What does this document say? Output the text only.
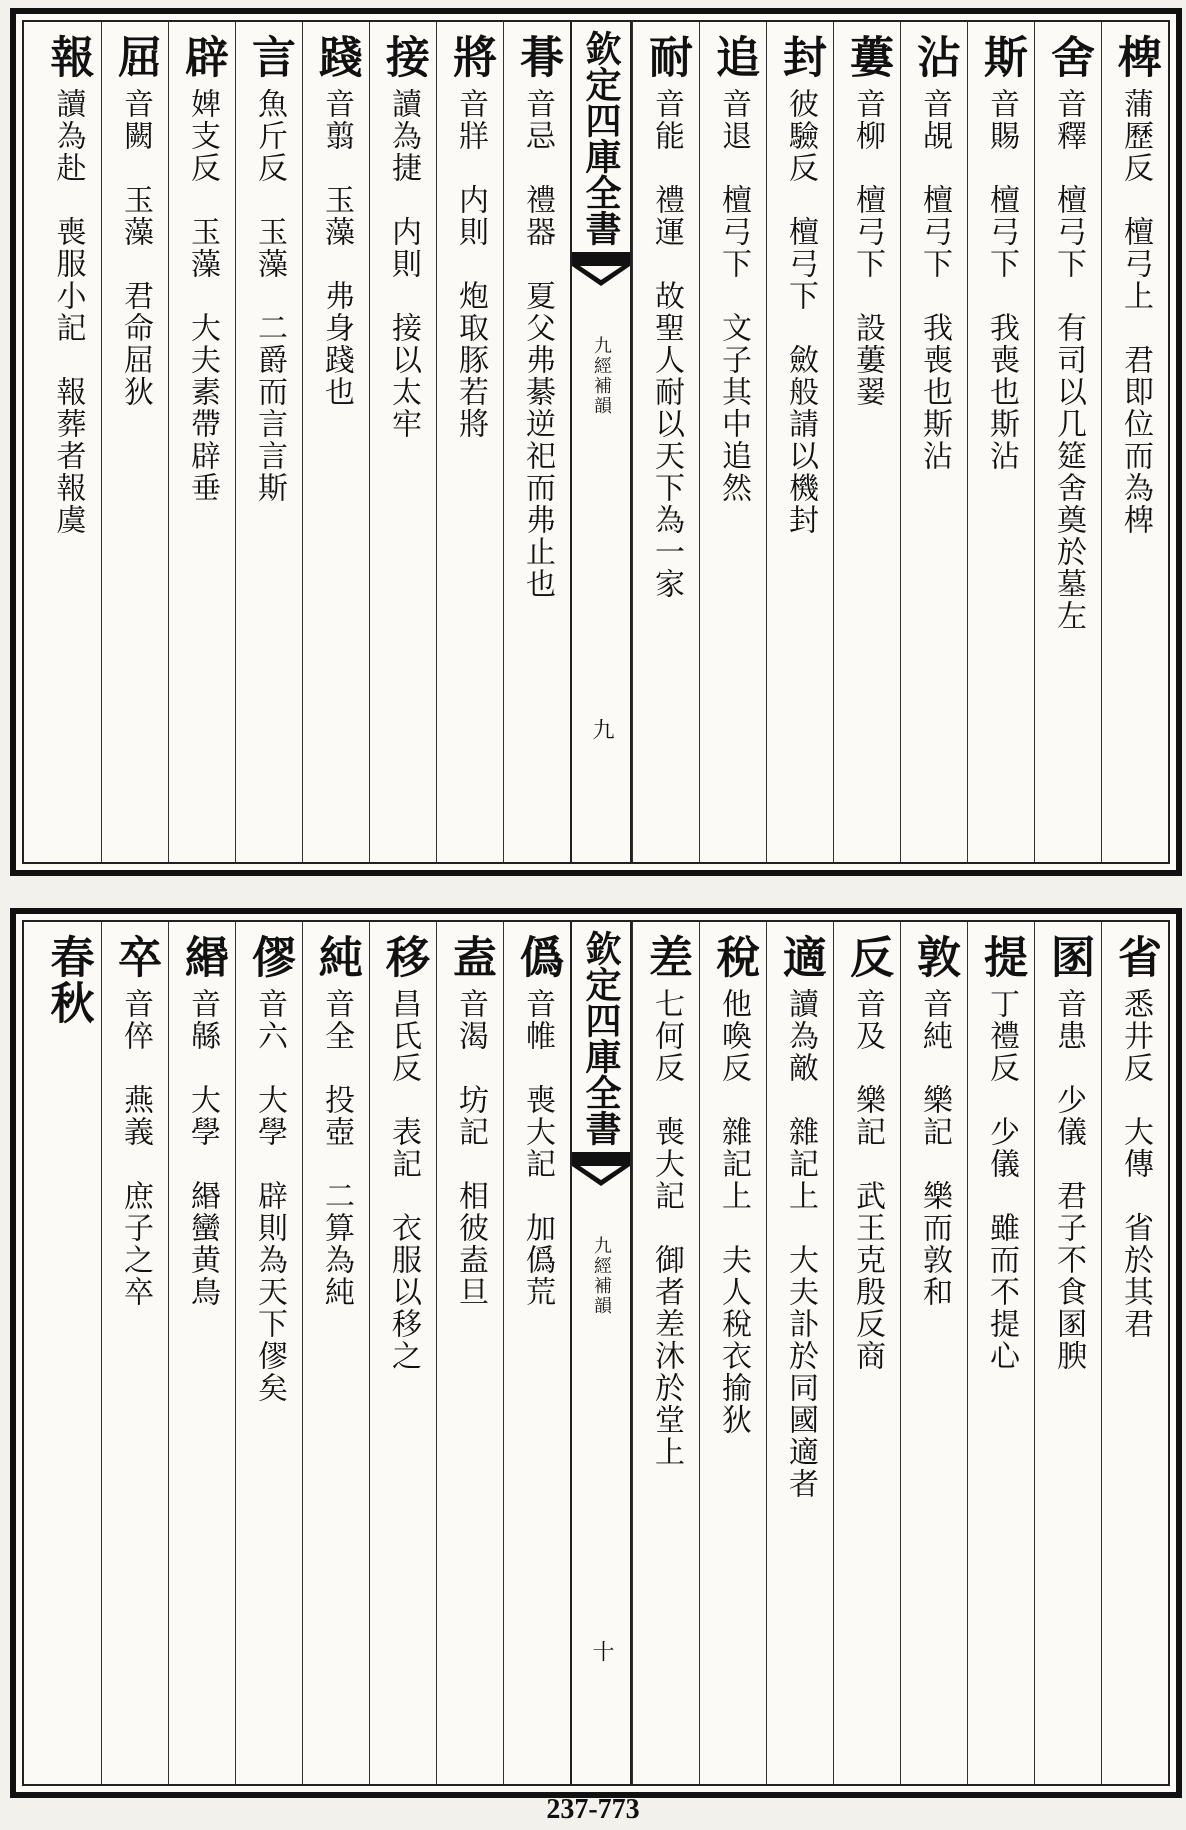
椑
蒲歷反　檀弓上　君即位而為椑
舍
音釋　檀弓下　有司以几筵舍奠於墓左
斯
音賜　檀弓下　我喪也斯沾
沾
音覘　檀弓下　我喪也斯沾
蔞
音柳　檀弓下　設蔞翣
封
彼驗反　檀弓下　斂般請以機封
追
音退　檀弓下　文子其中追然
耐
音能　禮運　故聖人耐以天下為一家
欽定四庫全書
九經補韻
九
朞
音忌　禮器　夏父弗綦逆祀而弗止也
將
音牂　内則　炮取豚若將
接
讀為捷　内則　接以太牢
踐
音翦　玉藻　弗身踐也
言
魚斤反　玉藻　二爵而言言斯
辟
婢支反　玉藻　大夫素帶辟垂
屈
音闕　玉藻　君命屈狄
報
讀為赴　喪服小記　報葬者報虞
省
悉井反　大傳　省於其君
圂
音患　少儀　君子不食圂腴
提
丁禮反　少儀　雖而不提心
敦
音純　樂記　樂而敦和
反
音及　樂記　武王克殷反商
適
讀為敵　雜記上　大夫訃於同國適者
稅
他喚反　雜記上　夫人稅衣揄狄
差
七何反　喪大記　御者差沐於堂上
欽定四庫全書
九經補韻
十
僞
音帷　喪大記　加僞荒
盍
音渴　坊記　相彼盍旦
移
昌氏反　表記　衣服以移之
純
音全　投壺　二算為純
僇
音六　大學　辟則為天下僇矣
緡
音緜　大學　緡蠻黄鳥
卒
音倅　燕義　庶子之卒
春秋
237-773
